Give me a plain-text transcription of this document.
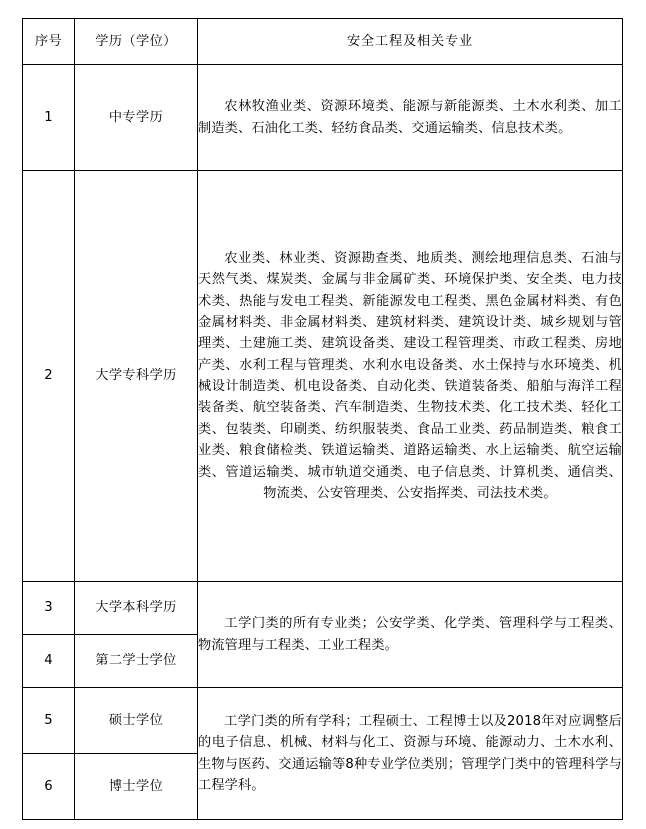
序号	学历（学位）	安全工程及相关专业
1	中专学历	农林牧渔业类、资源环境类、能源与新能源类、土木水利类、加工制造类、石油化工类、轻纺食品类、交通运输类、信息技术类。
2	大学专科学历	农业类、林业类、资源勘查类、地质类、测绘地理信息类、石油与天然气类、煤炭类、金属与非金属矿类、环境保护类、安全类、电力技术类、热能与发电工程类、新能源发电工程类、黑色金属材料类、有色金属材料类、非金属材料类、建筑材料类、建筑设计类、城乡规划与管理类、土建施工类、建筑设备类、建设工程管理类、市政工程类、房地产类、水利工程与管理类、水利水电设备类、水土保持与水环境类、机械设计制造类、机电设备类、自动化类、铁道装备类、船舶与海洋工程装备类、航空装备类、汽车制造类、生物技术类、化工技术类、轻化工类、包装类、印刷类、纺织服装类、食品工业类、药品制造类、粮食工业类、粮食储检类、铁道运输类、道路运输类、水上运输类、航空运输类、管道运输类、城市轨道交通类、电子信息类、计算机类、通信类、物流类、公安管理类、公安指挥类、司法技术类。
3	大学本科学历	工学门类的所有专业类；公安学类、化学类、管理科学与工程类、物流管理与工程类、工业工程类。
4	第二学士学位	
5	硕士学位	工学门类的所有学科；工程硕士、工程博士以及2018年对应调整后的电子信息、机械、材料与化工、资源与环境、能源动力、土木水利、生物与医药、交通运输等8种专业学位类别；管理学门类中的管理科学与工程学科。
6	博士学位	
